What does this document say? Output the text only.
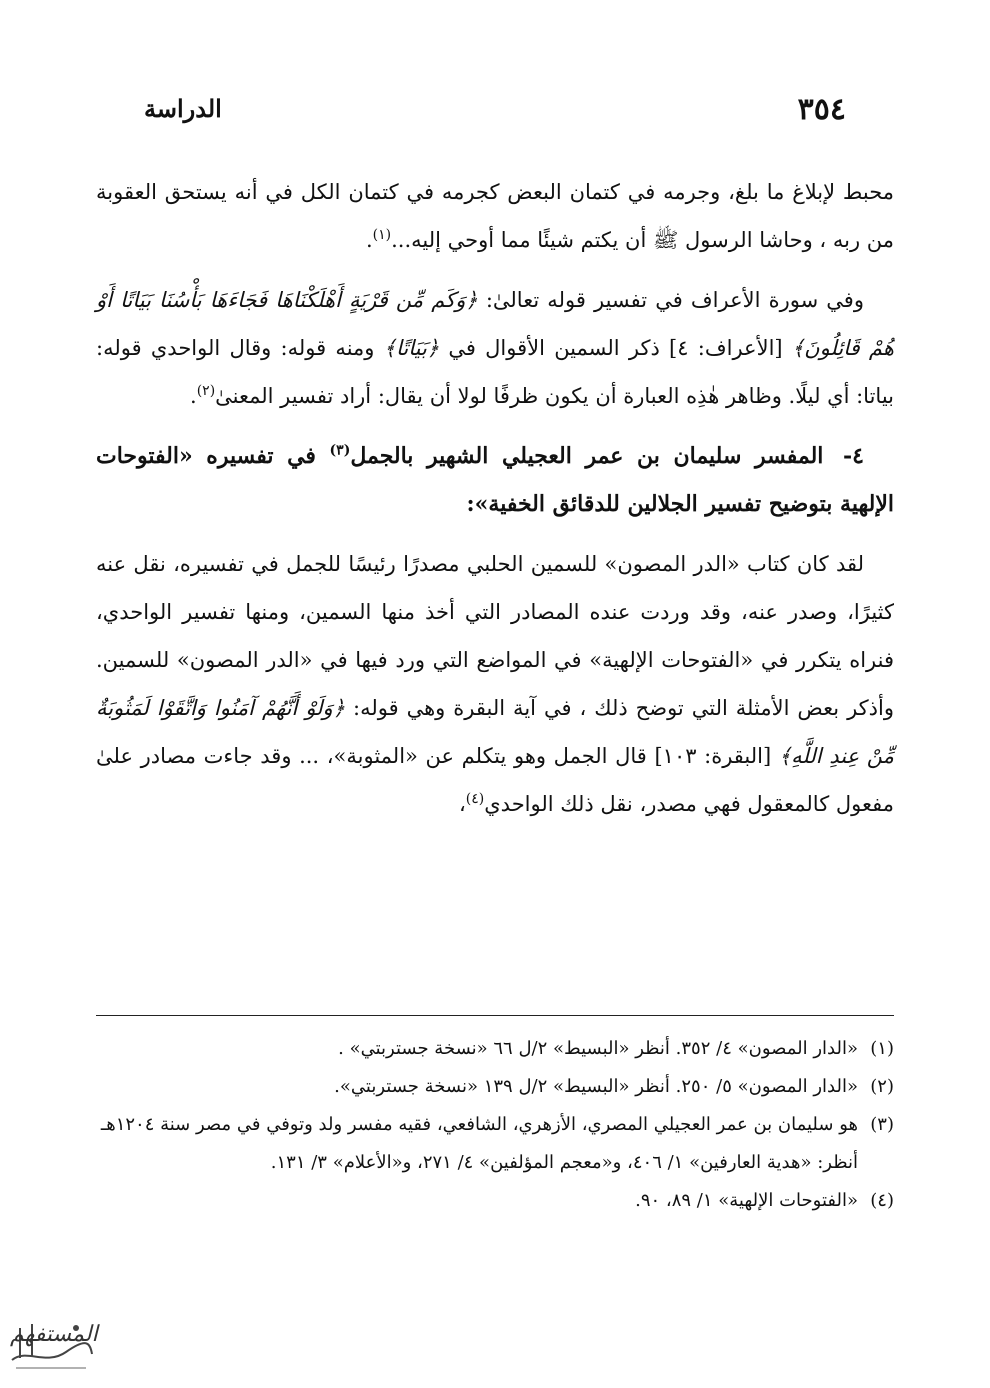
٣٥٤
الدراسة

محبط لإبلاغ ما بلغ، وجرمه في كتمان البعض كجرمه في كتمان الكل في أنه يستحق العقوبة من ربه ، وحاشا الرسول ﷺ أن يكتم شيئًا مما أوحي إليه...$^{(١)}$.

وفي سورة الأعراف في تفسير قوله تعالىٰ: ﴿وَكَم مِّن قَرْيَةٍ أَهْلَكْنَاهَا فَجَاءَهَا بَأْسُنَا بَيَاتًا أَوْ هُمْ قَائِلُونَ﴾ [الأعراف: ٤] ذكر السمين الأقوال في ﴿بَيَاتًا﴾ ومنه قوله: وقال الواحدي قوله: بياتا: أي ليلًا. وظاهر هٰذِه العبارة أن يكون ظرفًا لولا أن يقال: أراد تفسير المعنىٰ$^{(٢)}$.

٤- المفسر سليمان بن عمر العجيلي الشهير بالجمل$^{(٣)}$ في تفسيره «الفتوحات الإلهية بتوضيح تفسير الجلالين للدقائق الخفية»:

لقد كان كتاب «الدر المصون» للسمين الحلبي مصدرًا رئيسًا للجمل في تفسيره، نقل عنه كثيرًا، وصدر عنه، وقد وردت عنده المصادر التي أخذ منها السمين، ومنها تفسير الواحدي، فنراه يتكرر في «الفتوحات الإلهية» في المواضع التي ورد فيها في «الدر المصون» للسمين. وأذكر بعض الأمثلة التي توضح ذلك ، في آية البقرة وهي قوله: ﴿وَلَوْ أَنَّهُمْ آمَنُوا وَاتَّقَوْا لَمَثُوبَةٌ مِّنْ عِندِ اللَّهِ﴾ [البقرة: ١٠٣] قال الجمل وهو يتكلم عن «المثوبة»، ... وقد جاءت مصادر علىٰ مفعول كالمعقول فهي مصدر، نقل ذلك الواحدي$^{(٤)}$،

(١)«الدار المصون» ٤/ ٣٥٢. أنظر «البسيط» ٢/ل ٦٦ «نسخة جستربتي» .

(٢)«الدار المصون» ٥/ ٢٥٠. أنظر «البسيط» ٢/ل ١٣٩ «نسخة جستربتي».

(٣)هو سليمان بن عمر العجيلي المصري، الأزهري، الشافعي، فقيه مفسر ولد وتوفي في مصر سنة ١٢٠٤هـ أنظر: «هدية العارفين» ١/ ٤٠٦، و«معجم المؤلفين» ٤/ ٢٧١، و«الأعلام» ٣/ ١٣١.

(٤)«الفتوحات الإلهية» ١/ ٨٩، ٩٠.

المستفهم
